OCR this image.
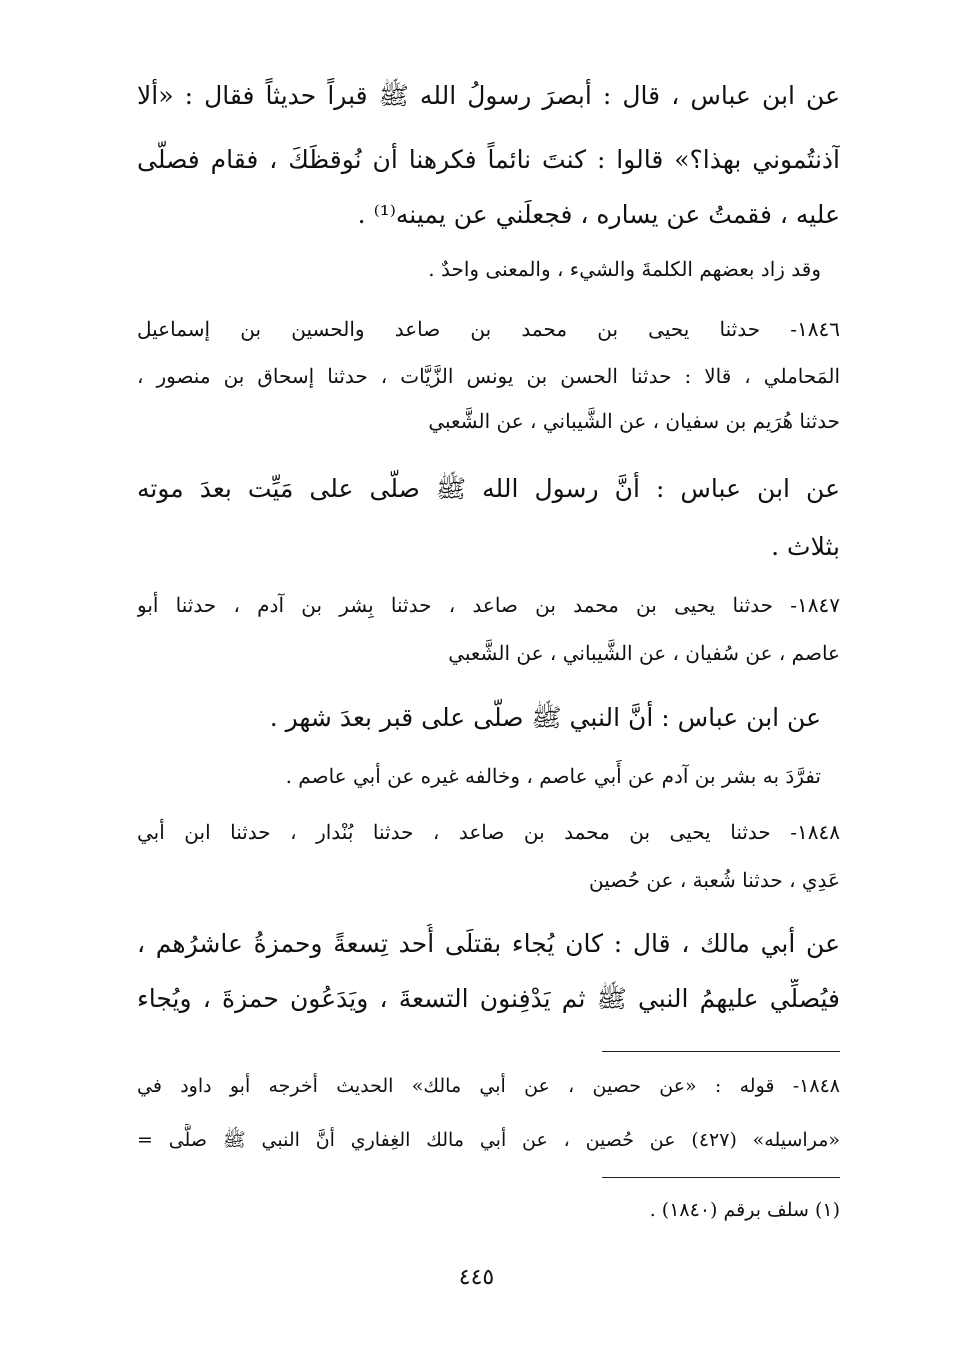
عن ابن عباس ، قال : أبصرَ رسولُ الله ﷺ قبراً حديثاً فقال : «ألا
آذنتُموني بهذا؟» قالوا : كنتَ نائماً فكرهنا أن نُوقظَكَ ، فقام فصلَّى
عليه ، فقمتُ عن يساره ، فجعلَني عن يمينه⁽¹⁾ .
وقد زاد بعضهم الكلمةَ والشيء ، والمعنى واحدٌ .
١٨٤٦- حدثنا يحيى بن محمد بن صاعد والحسين بن إسماعيل
المَحاملي ، قالا : حدثنا الحسن بن يونس الزَّيَّات ، حدثنا إسحاق بن منصور ،
حدثنا هُرَيم بن سفيان ، عن الشَّيباني ، عن الشَّعبي
عن ابن عباس : أنَّ رسول الله ﷺ صلَّى على مَيِّت بعدَ موته
بثلاث .
١٨٤٧- حدثنا يحيى بن محمد بن صاعد ، حدثنا بِشر بن آدم ، حدثنا أبو
عاصم ، عن سُفيان ، عن الشَّيباني ، عن الشَّعبي
عن ابن عباس : أنَّ النبي ﷺ صلَّى على قبر بعدَ شهر .
تفرَّدَ به بشر بن آدم عن أَبي عاصم ، وخالفه غيره عن أبي عاصم .
١٨٤٨- حدثنا يحيى بن محمد بن صاعد ، حدثنا بُنْدار ، حدثنا ابن أبي
عَدِي ، حدثنا شُعبة ، عن حُصين
عن أبي مالك ، قال : كان يُجاء بقتلَى أُحد تِسعةً وحمزةُ عاشرُهم ،
فيُصلِّي عليهمُ النبي ﷺ ثم يَدْفِنون التسعةَ ، ويَدَعُون حمزةَ ، ويُجاء
١٨٤٨- قوله : «عن حصين ، عن أبي مالك» الحديث أخرجه أبو داود في
«مراسيله» (٤٢٧) عن حُصين ، عن أبي مالك الغِفاري أنَّ النبي ﷺ صلَّى =
(١) سلف برقم (١٨٤٠) .
٤٤٥
